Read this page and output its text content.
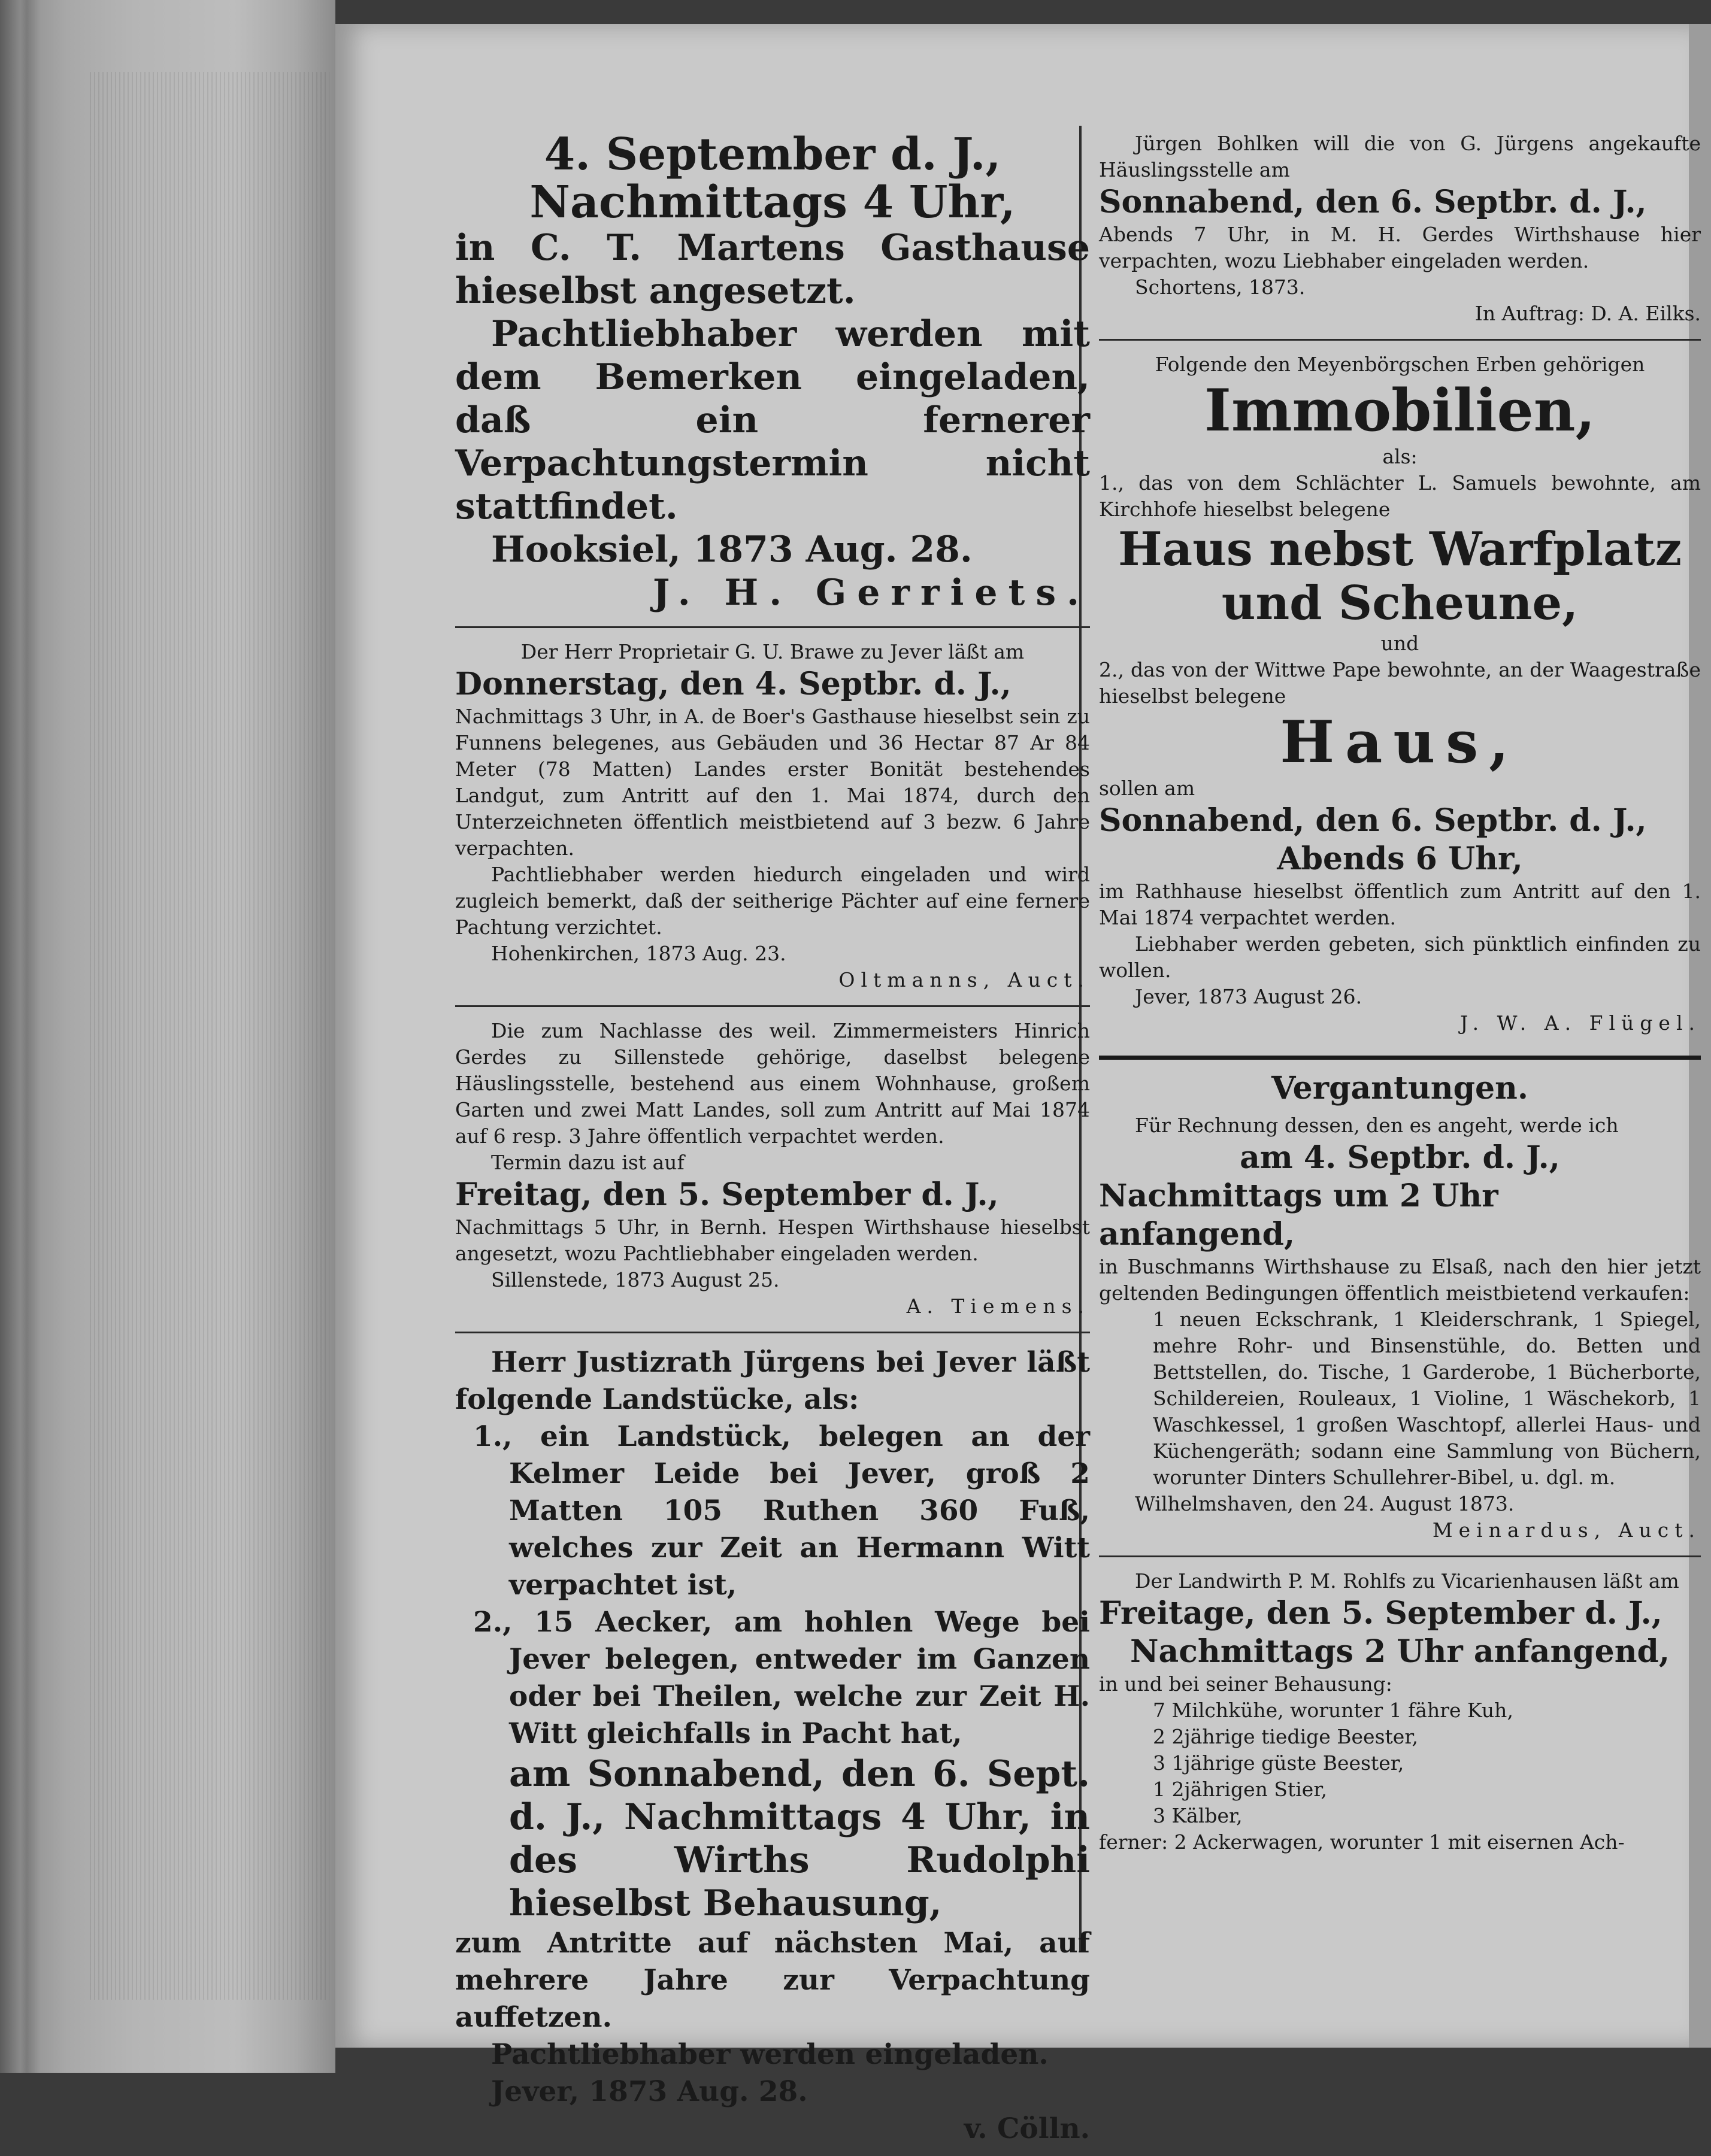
4. September d. J.,

Nachmittags 4 Uhr,

in C. T. Martens Gasthause hieselbst angesetzt.

Pachtliebhaber werden mit dem Bemerken eingeladen, daß ein fernerer Verpachtungstermin nicht stattfindet.

Hooksiel, 1873 Aug. 28.

J. H. Gerriets.

Der Herr Proprietair G. U. Brawe zu Jever läßt am

Donnerstag, den 4. Septbr. d. J.,

Nachmittags 3 Uhr, in A. de Boer's Gasthause hieselbst sein zu Funnens belegenes, aus Gebäuden und 36 Hectar 87 Ar 84 Meter (78 Matten) Landes erster Bonität bestehendes Landgut, zum Antritt auf den 1. Mai 1874, durch den Unterzeichneten öffentlich meistbietend auf 3 bezw. 6 Jahre verpachten.

Pachtliebhaber werden hiedurch eingeladen und wird zugleich bemerkt, daß der seitherige Pächter auf eine fernere Pachtung verzichtet.

Hohenkirchen, 1873 Aug. 23.

Oltmanns, Auct.

Die zum Nachlasse des weil. Zimmermeisters Hinrich Gerdes zu Sillenstede gehörige, daselbst belegene Häuslingsstelle, bestehend aus einem Wohnhause, großem Garten und zwei Matt Landes, soll zum Antritt auf Mai 1874 auf 6 resp. 3 Jahre öffentlich verpachtet werden.

Termin dazu ist auf

Freitag, den 5. September d. J.,

Nachmittags 5 Uhr, in Bernh. Hespen Wirthshause hieselbst angesetzt, wozu Pachtliebhaber eingeladen werden.

Sillenstede, 1873 August 25.

A. Tiemens.

Herr Justizrath Jürgens bei Jever läßt folgende Landstücke, als:

1., ein Landstück, belegen an der Kelmer Leide bei Jever, groß 2 Matten 105 Ruthen 360 Fuß, welches zur Zeit an Hermann Witt verpachtet ist,

2., 15 Aecker, am hohlen Wege bei Jever belegen, entweder im Ganzen oder bei Theilen, welche zur Zeit H. Witt gleichfalls in Pacht hat,

am Sonnabend, den 6. Sept. d. J., Nachmittags 4 Uhr, in des Wirths Rudolphi hieselbst Behausung,

zum Antritte auf nächsten Mai, auf mehrere Jahre zur Verpachtung auffetzen.

Pachtliebhaber werden eingeladen.

Jever, 1873 Aug. 28.

v. Cölln.

Jürgen Bohlken will die von G. Jürgens angekaufte Häuslingsstelle am

Sonnabend, den 6. Septbr. d. J.,

Abends 7 Uhr, in M. H. Gerdes Wirthshause hier verpachten, wozu Liebhaber eingeladen werden.

Schortens, 1873.

In Auftrag: D. A. Eilks.

Folgende den Meyenbörgschen Erben gehörigen

Immobilien,

als:

1., das von dem Schlächter L. Samuels bewohnte, am Kirchhofe hieselbst belegene

Haus nebst Warfplatz und Scheune,

und

2., das von der Wittwe Pape bewohnte, an der Waagestraße hieselbst belegene

Haus,

sollen am

Sonnabend, den 6. Septbr. d. J.,

Abends 6 Uhr,

im Rathhause hieselbst öffentlich zum Antritt auf den 1. Mai 1874 verpachtet werden.

Liebhaber werden gebeten, sich pünktlich einfinden zu wollen.

Jever, 1873 August 26.

J. W. A. Flügel.

Vergantungen.

Für Rechnung dessen, den es angeht, werde ich

am 4. Septbr. d. J.,

Nachmittags um 2 Uhr anfangend,

in Buschmanns Wirthshause zu Elsaß, nach den hier jetzt geltenden Bedingungen öffentlich meistbietend verkaufen:

1 neuen Eckschrank, 1 Kleiderschrank, 1 Spiegel, mehre Rohr- und Binsenstühle, do. Betten und Bettstellen, do. Tische, 1 Garderobe, 1 Bücherborte, Schildereien, Rouleaux, 1 Violine, 1 Wäschekorb, 1 Waschkessel, 1 großen Waschtopf, allerlei Haus- und Küchengeräth; sodann eine Sammlung von Büchern, worunter Dinters Schullehrer-Bibel, u. dgl. m.

Wilhelmshaven, den 24. August 1873.

Meinardus, Auct.

Der Landwirth P. M. Rohlfs zu Vicarienhausen läßt am

Freitage, den 5. September d. J.,

Nachmittags 2 Uhr anfangend,

in und bei seiner Behausung:

7 Milchkühe, worunter 1 fähre Kuh,

2 2jährige tiedige Beester,

3 1jährige güste Beester,

1 2jährigen Stier,

3 Kälber,

ferner: 2 Ackerwagen, worunter 1 mit eisernen Ach-
